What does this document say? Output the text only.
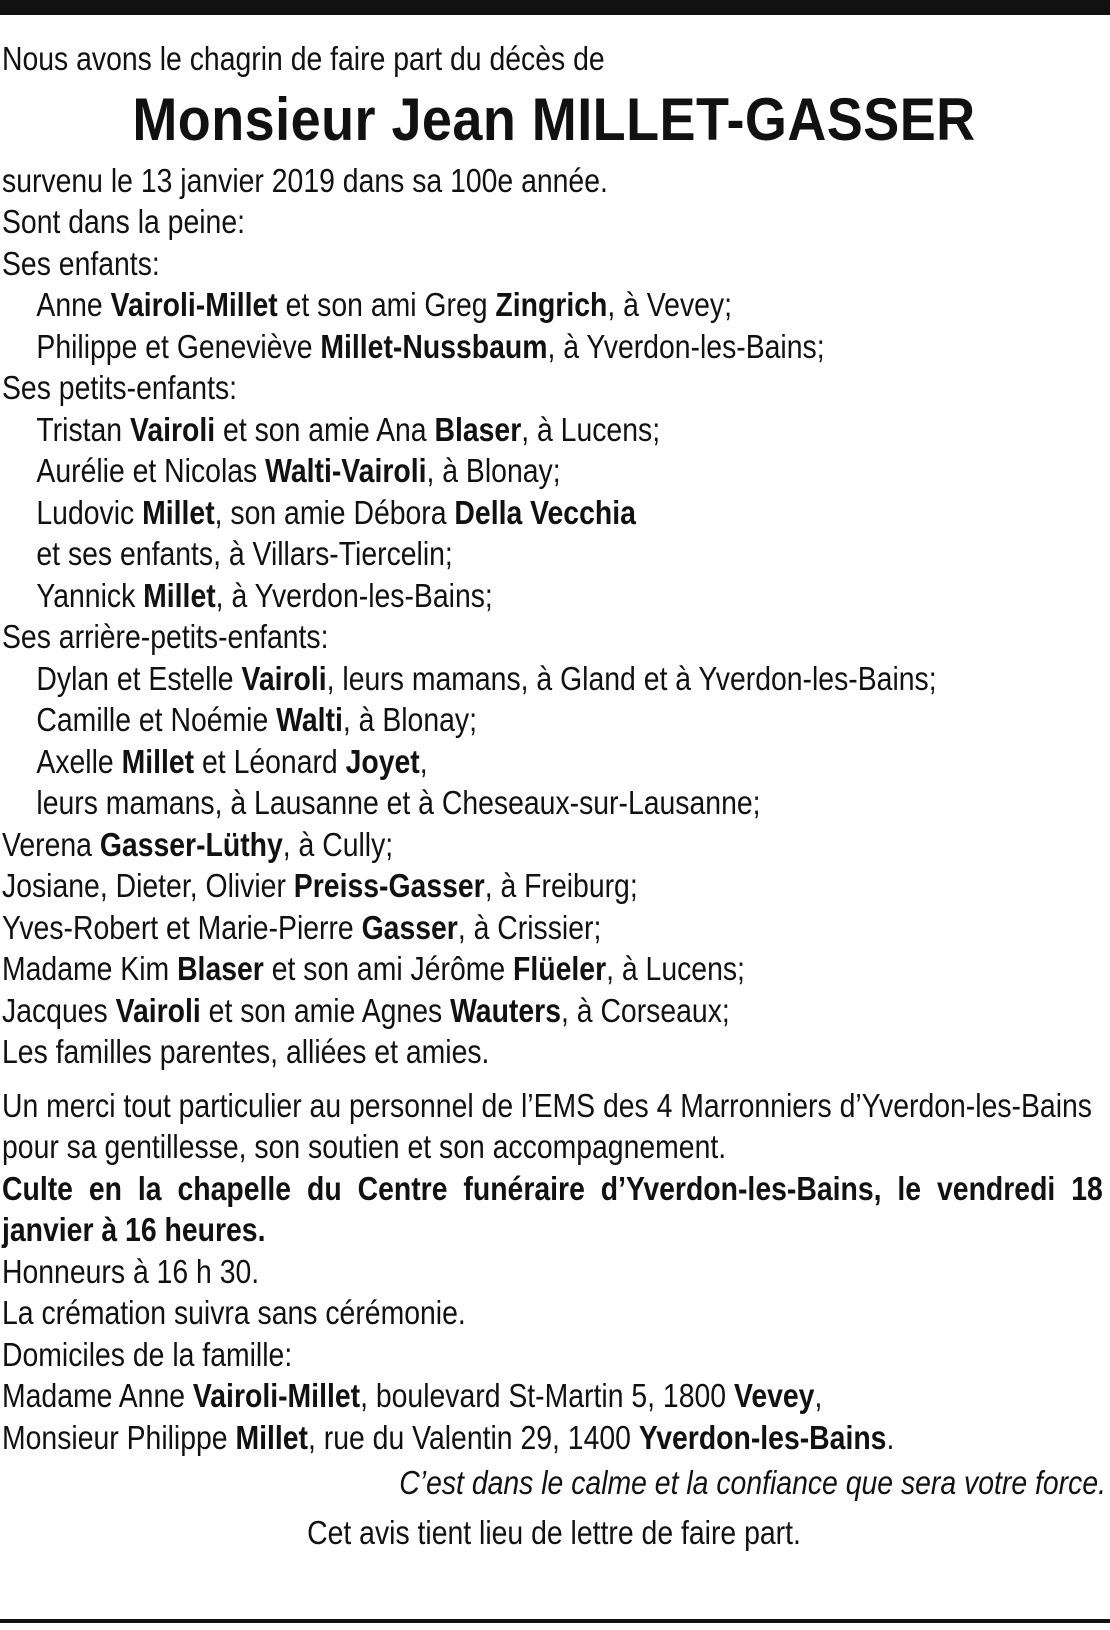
Nous avons le chagrin de faire part du décès de
Monsieur Jean MILLET-GASSER
survenu le 13 janvier 2019 dans sa 100e année.
Sont dans la peine:
Ses enfants:
Anne Vairoli-Millet et son ami Greg Zingrich, à Vevey;
Philippe et Geneviève Millet-Nussbaum, à Yverdon-les-Bains;
Ses petits-enfants:
Tristan Vairoli et son amie Ana Blaser, à Lucens;
Aurélie et Nicolas Walti-Vairoli, à Blonay;
Ludovic Millet, son amie Débora Della Vecchia
et ses enfants, à Villars-Tiercelin;
Yannick Millet, à Yverdon-les-Bains;
Ses arrière-petits-enfants:
Dylan et Estelle Vairoli, leurs mamans, à Gland et à Yverdon-les-Bains;
Camille et Noémie Walti, à Blonay;
Axelle Millet et Léonard Joyet,
leurs mamans, à Lausanne et à Cheseaux-sur-Lausanne;
Verena Gasser-Lüthy, à Cully;
Josiane, Dieter, Olivier Preiss-Gasser, à Freiburg;
Yves-Robert et Marie-Pierre Gasser, à Crissier;
Madame Kim Blaser et son ami Jérôme Flüeler, à Lucens;
Jacques Vairoli et son amie Agnes Wauters, à Corseaux;
Les familles parentes, alliées et amies.
Un merci tout particulier au personnel de l’EMS des 4 Marronniers d’Yverdon-les-Bains pour sa gentillesse, son soutien et son accompagnement.
Culte en la chapelle du Centre funéraire d’Yverdon-les-Bains, le vendredi 18 janvier à 16 heures.
Honneurs à 16 h 30.
La crémation suivra sans cérémonie.
Domiciles de la famille:
Madame Anne Vairoli-Millet, boulevard St-Martin 5, 1800 Vevey,
Monsieur Philippe Millet, rue du Valentin 29, 1400 Yverdon-les-Bains.
C’est dans le calme et la confiance que sera votre force.
Cet avis tient lieu de lettre de faire part.
